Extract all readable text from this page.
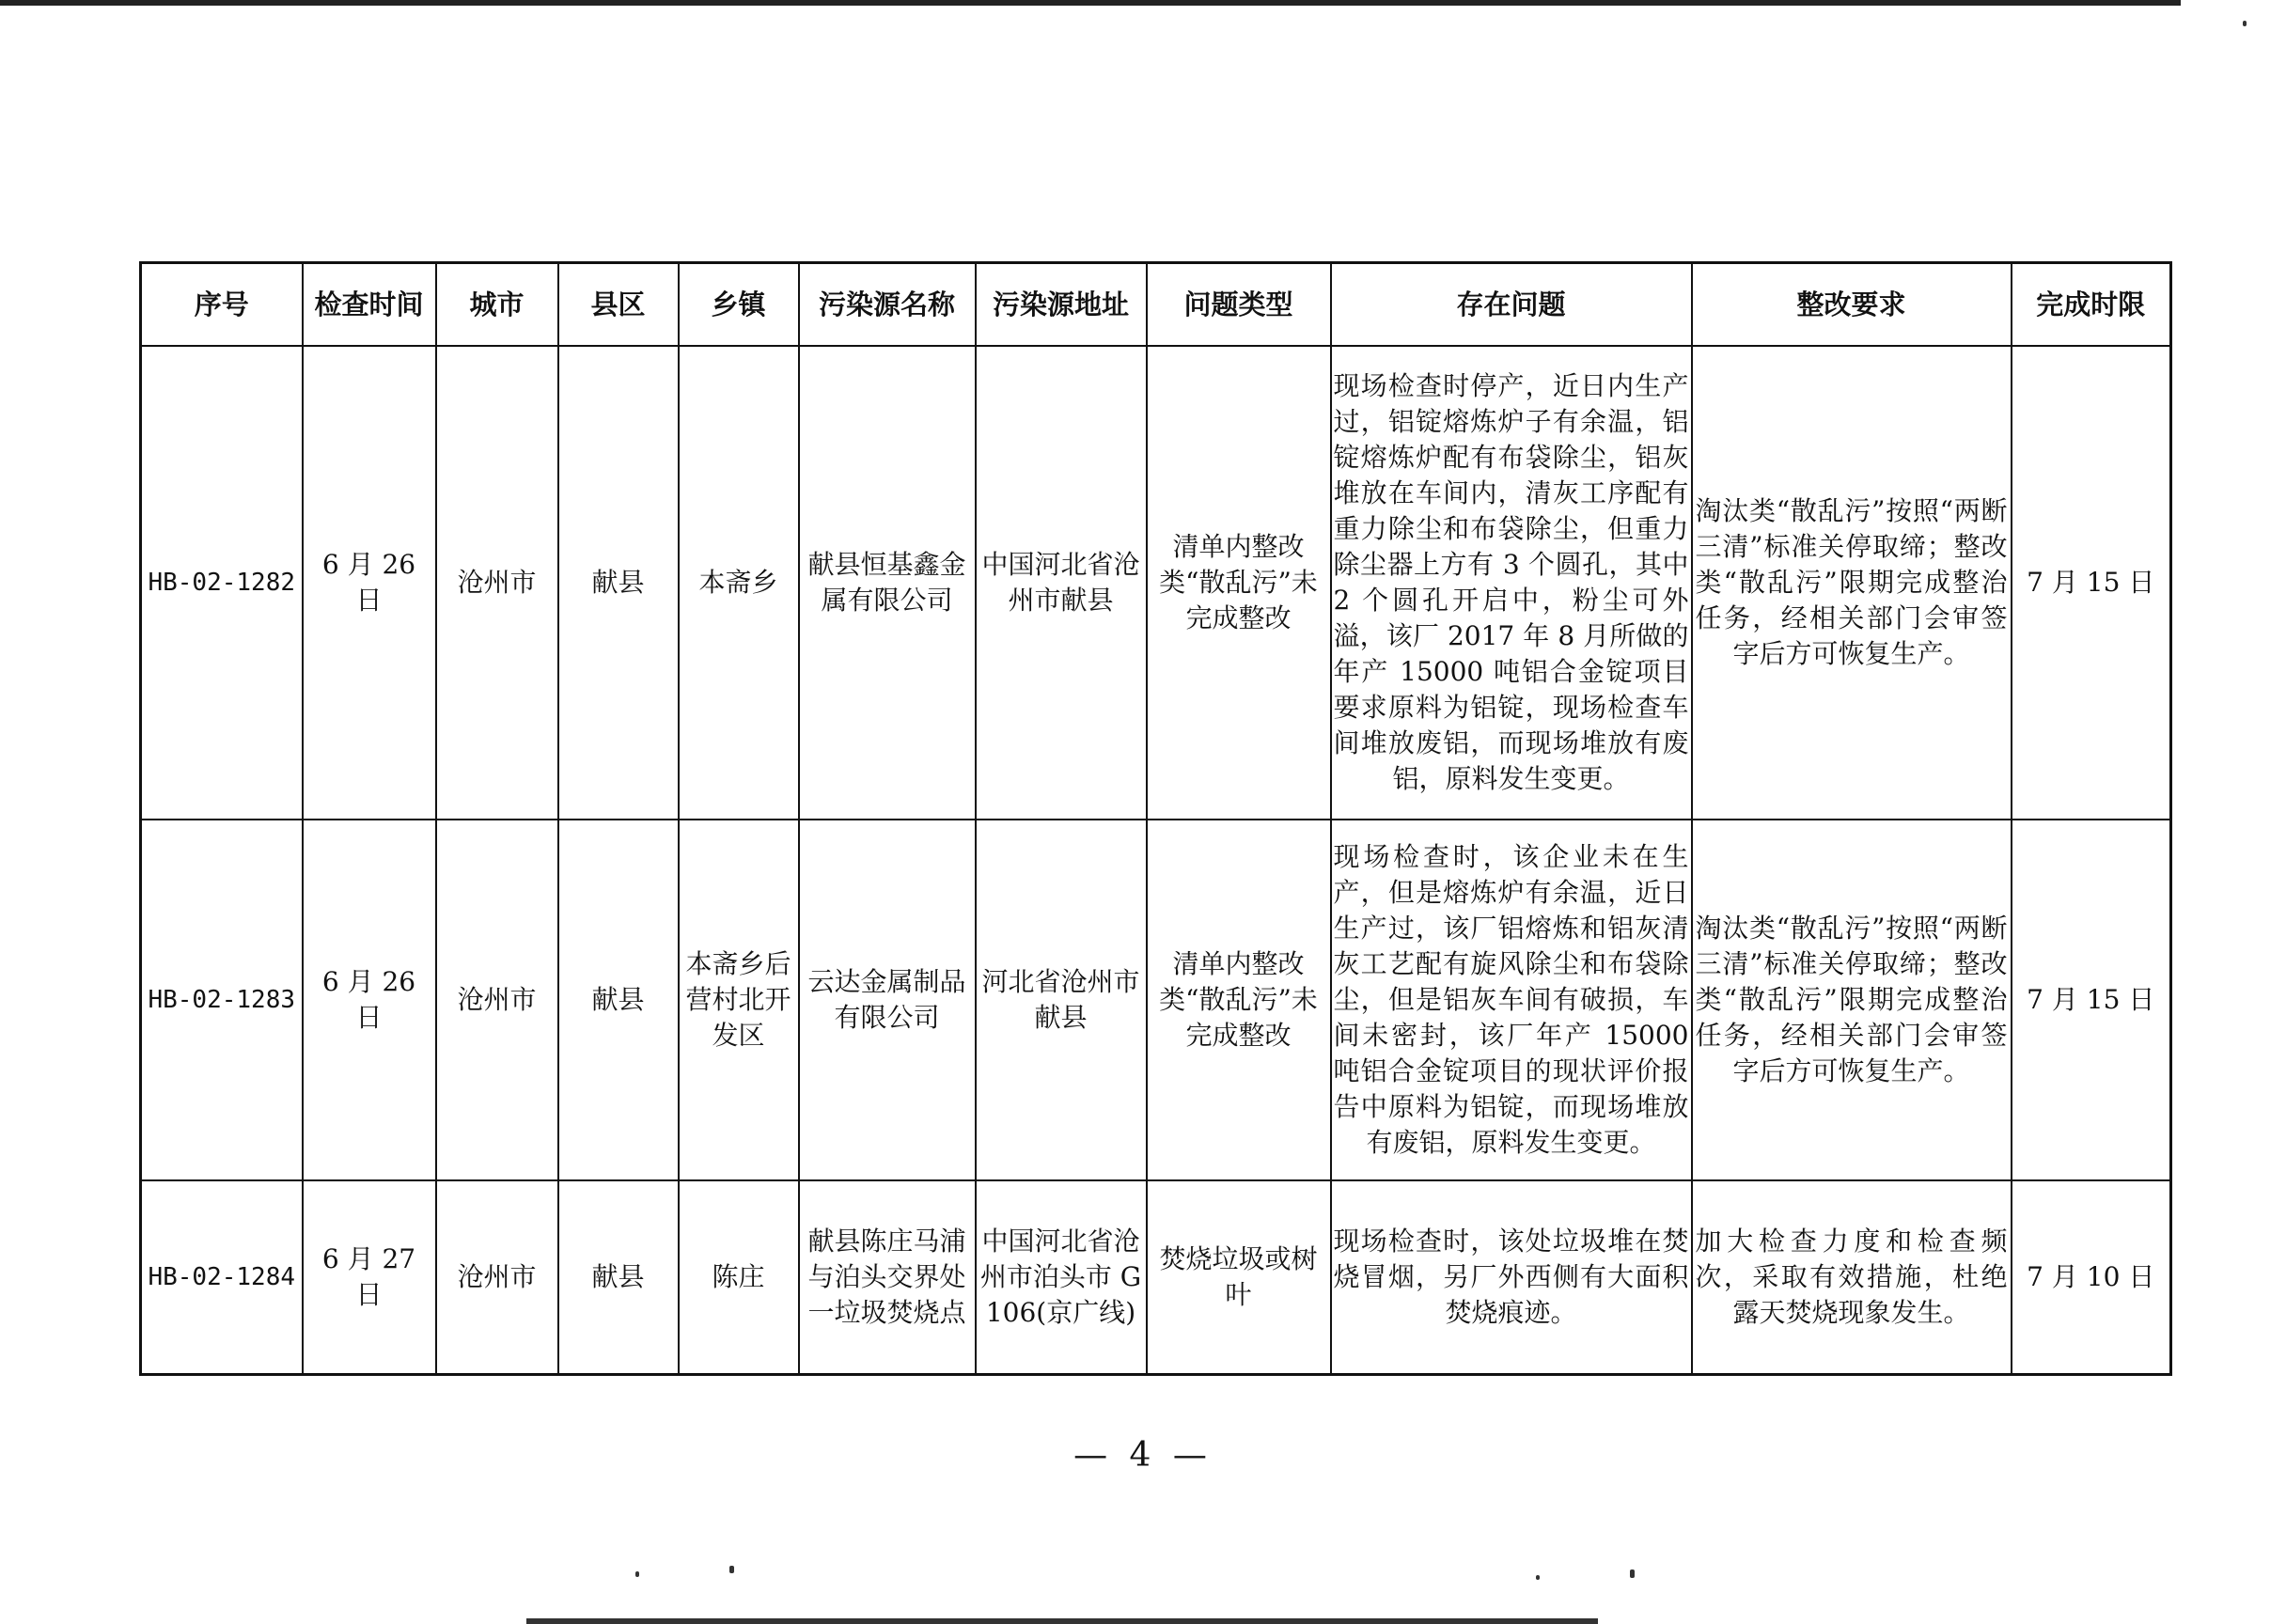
序号	检查时间	城市	县区	乡镇	污染源名称	污染源地址	问题类型	存在问题	整改要求	完成时限
HB-02-1282	6 月 26 日	沧州市	献县	本斋乡	献县恒基鑫金属有限公司	中国河北省沧州市献县	清单内整改类“散乱污”未完成整改	现场检查时停产，近日内生产过，铝锭熔炼炉子有余温，铝锭熔炼炉配有布袋除尘，铝灰堆放在车间内，清灰工序配有重力除尘和布袋除尘，但重力除尘器上方有 3 个圆孔，其中 2 个圆孔开启中，粉尘可外溢，该厂 2017 年 8 月所做的年产 15000 吨铝合金锭项目要求原料为铝锭，现场检查车间堆放废铝，而现场堆放有废铝，原料发生变更。	淘汰类“散乱污”按照“两断三清”标准关停取缔；整改类“散乱污”限期完成整治任务，经相关部门会审签字后方可恢复生产。	7 月 15 日
HB-02-1283	6 月 26 日	沧州市	献县	本斋乡后营村北开发区	云达金属制品有限公司	河北省沧州市献县	清单内整改类“散乱污”未完成整改	现场检查时，该企业未在生产，但是熔炼炉有余温，近日生产过，该厂铝熔炼和铝灰清灰工艺配有旋风除尘和布袋除尘，但是铝灰车间有破损，车间未密封，该厂年产 15000 吨铝合金锭项目的现状评价报告中原料为铝锭，而现场堆放有废铝，原料发生变更。	淘汰类“散乱污”按照“两断三清”标准关停取缔；整改类“散乱污”限期完成整治任务，经相关部门会审签字后方可恢复生产。	7 月 15 日
HB-02-1284	6 月 27 日	沧州市	献县	陈庄	献县陈庄马浦与泊头交界处一垃圾焚烧点	中国河北省沧州市泊头市 G106(京广线)	焚烧垃圾或树叶	现场检查时，该处垃圾堆在焚烧冒烟，另厂外西侧有大面积焚烧痕迹。	加大检查力度和检查频次，采取有效措施，杜绝露天焚烧现象发生。	7 月 10 日
— 4 —
